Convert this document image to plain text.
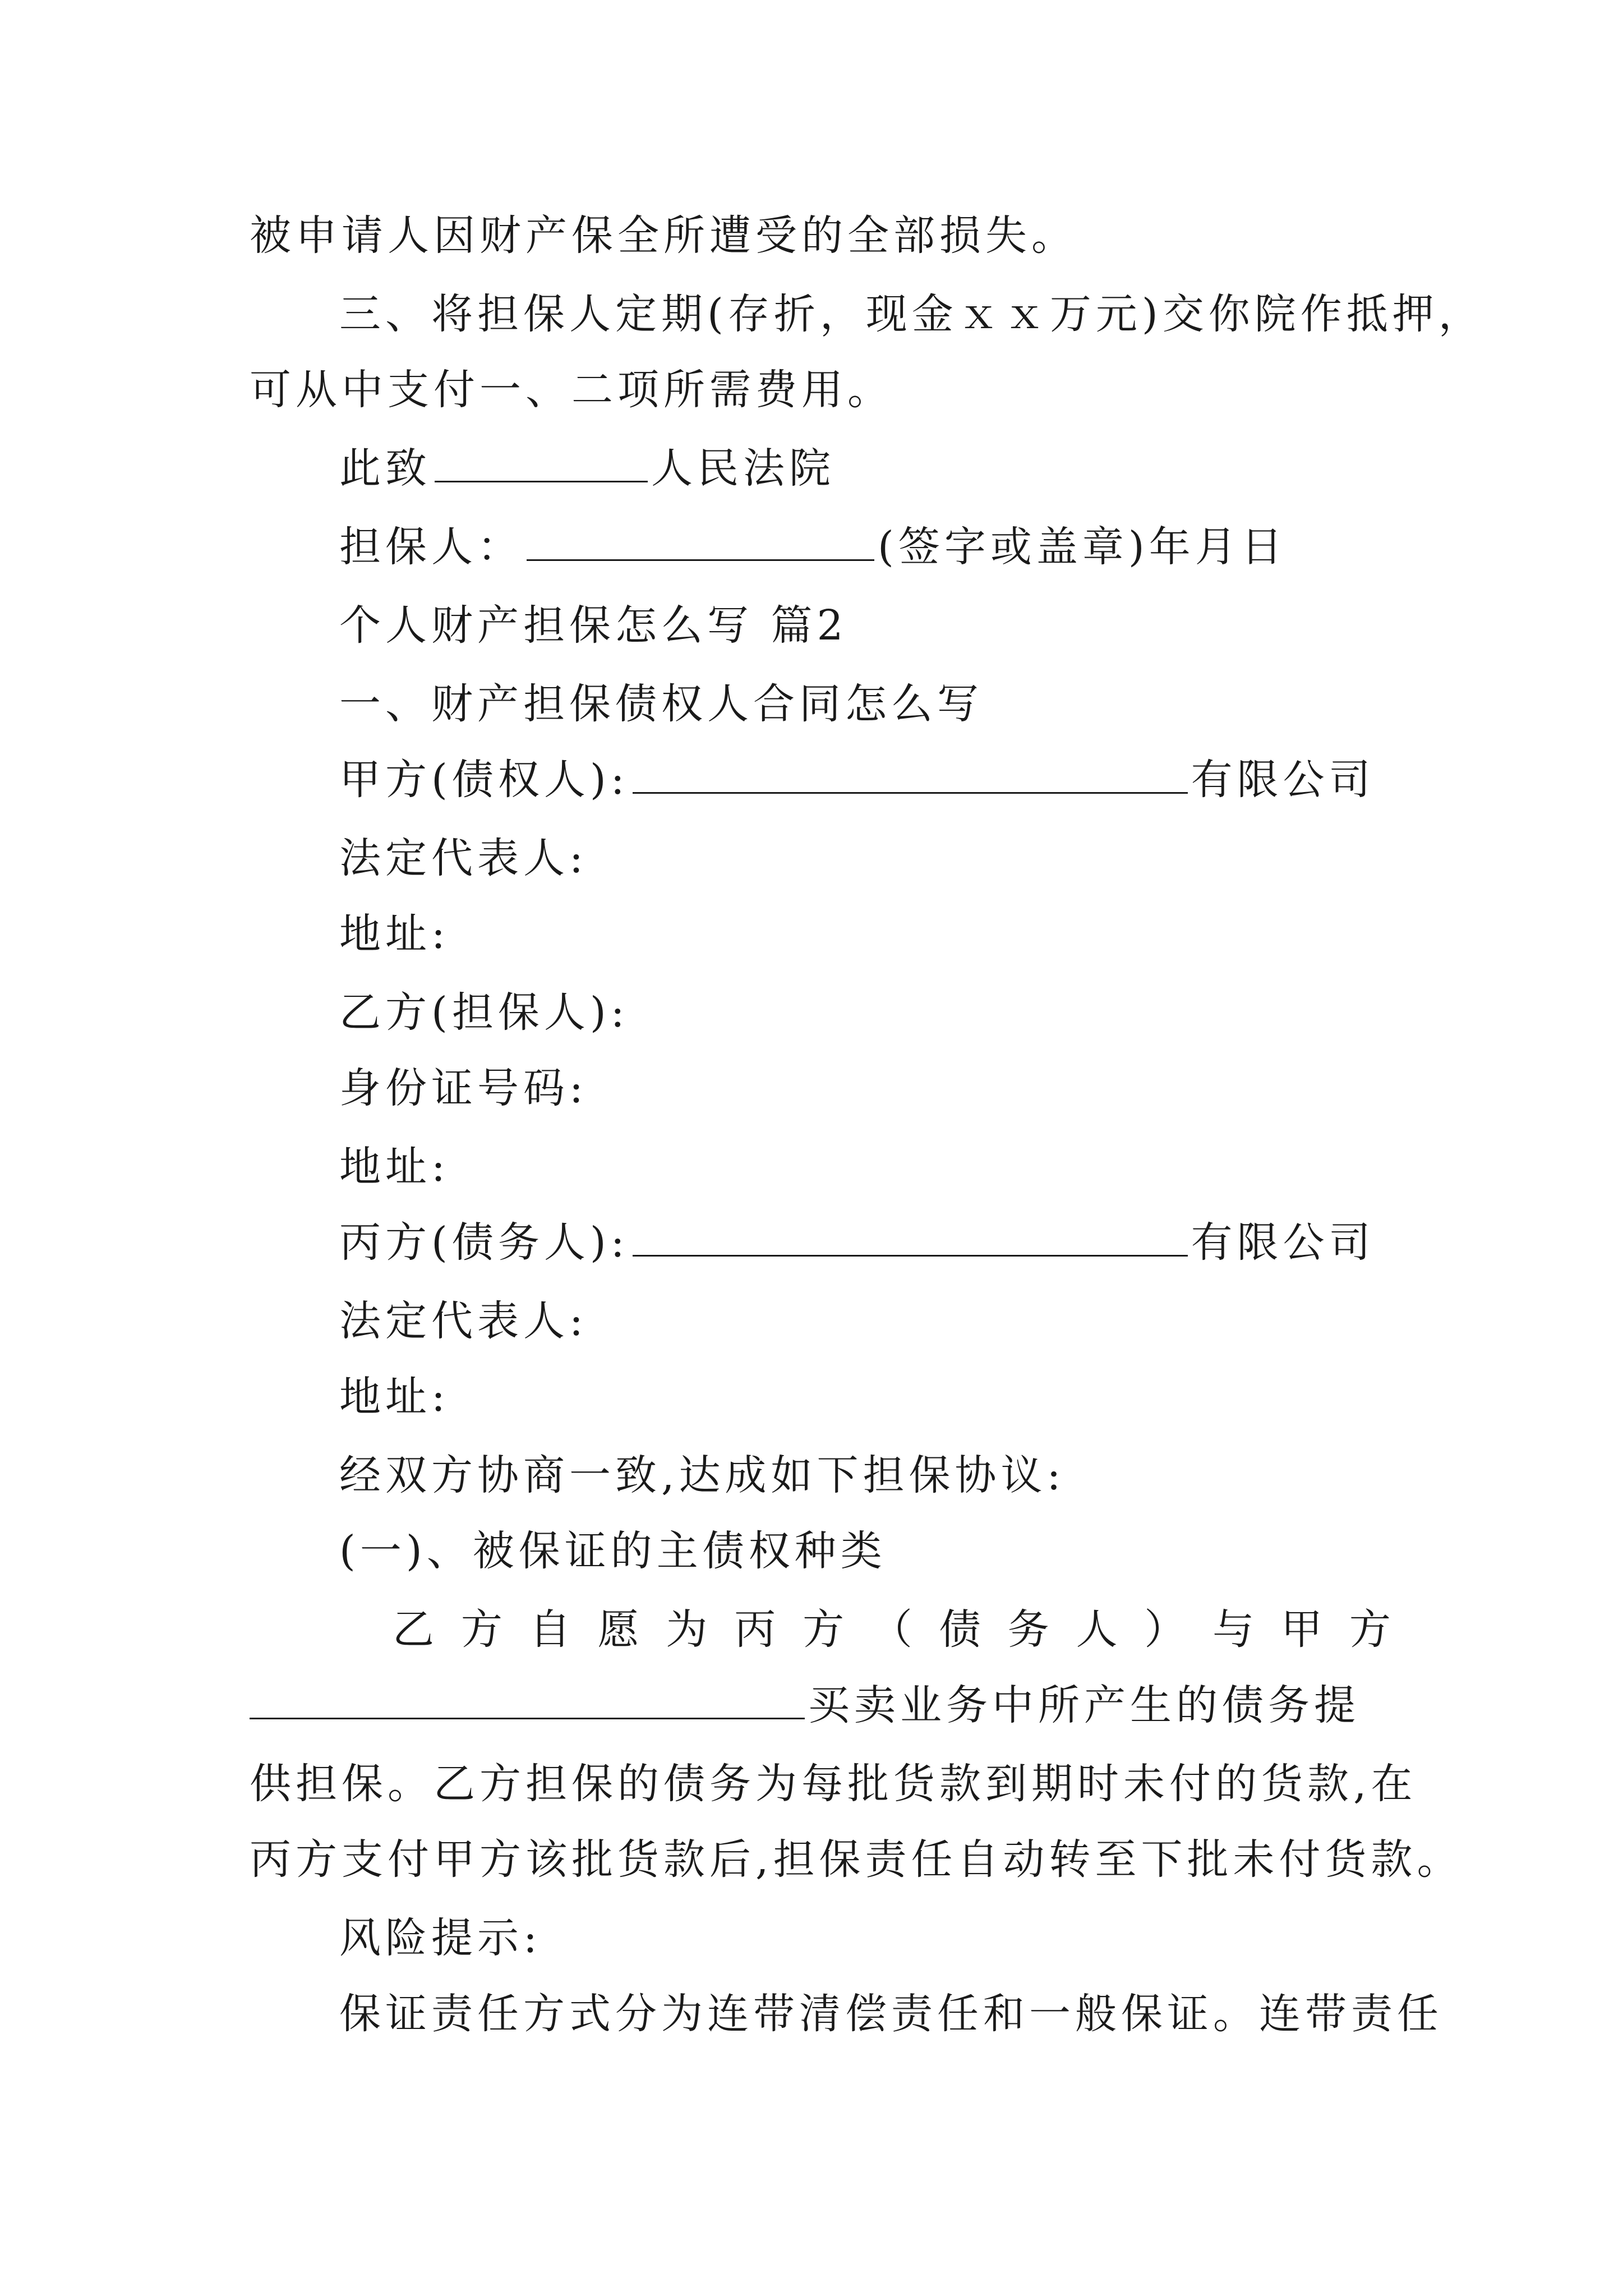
被申请人因财产保全所遭受的全部损失。
三、将担保人定期(存折，现金ｘｘ万元)交你院作抵押，
可从中支付一、二项所需费用。
此致	人民法院
担保人：	(签字或盖章)年月日
个人财产担保怎么写 篇2
一、财产担保债权人合同怎么写
甲方(债权人):	有限公司
法定代表人:
地址:
乙方(担保人):
身份证号码:
地址:
丙方(债务人):	有限公司
法定代表人:
地址:
经双方协商一致,达成如下担保协议:
(一)、被保证的主债权种类
乙 方 自 愿 为 丙 方 （ 债 务 人 ） 与 甲 方
买卖业务中所产生的债务提
供担保。乙方担保的债务为每批货款到期时未付的货款,在
丙方支付甲方该批货款后,担保责任自动转至下批未付货款。
风险提示:
保证责任方式分为连带清偿责任和一般保证。连带责任
